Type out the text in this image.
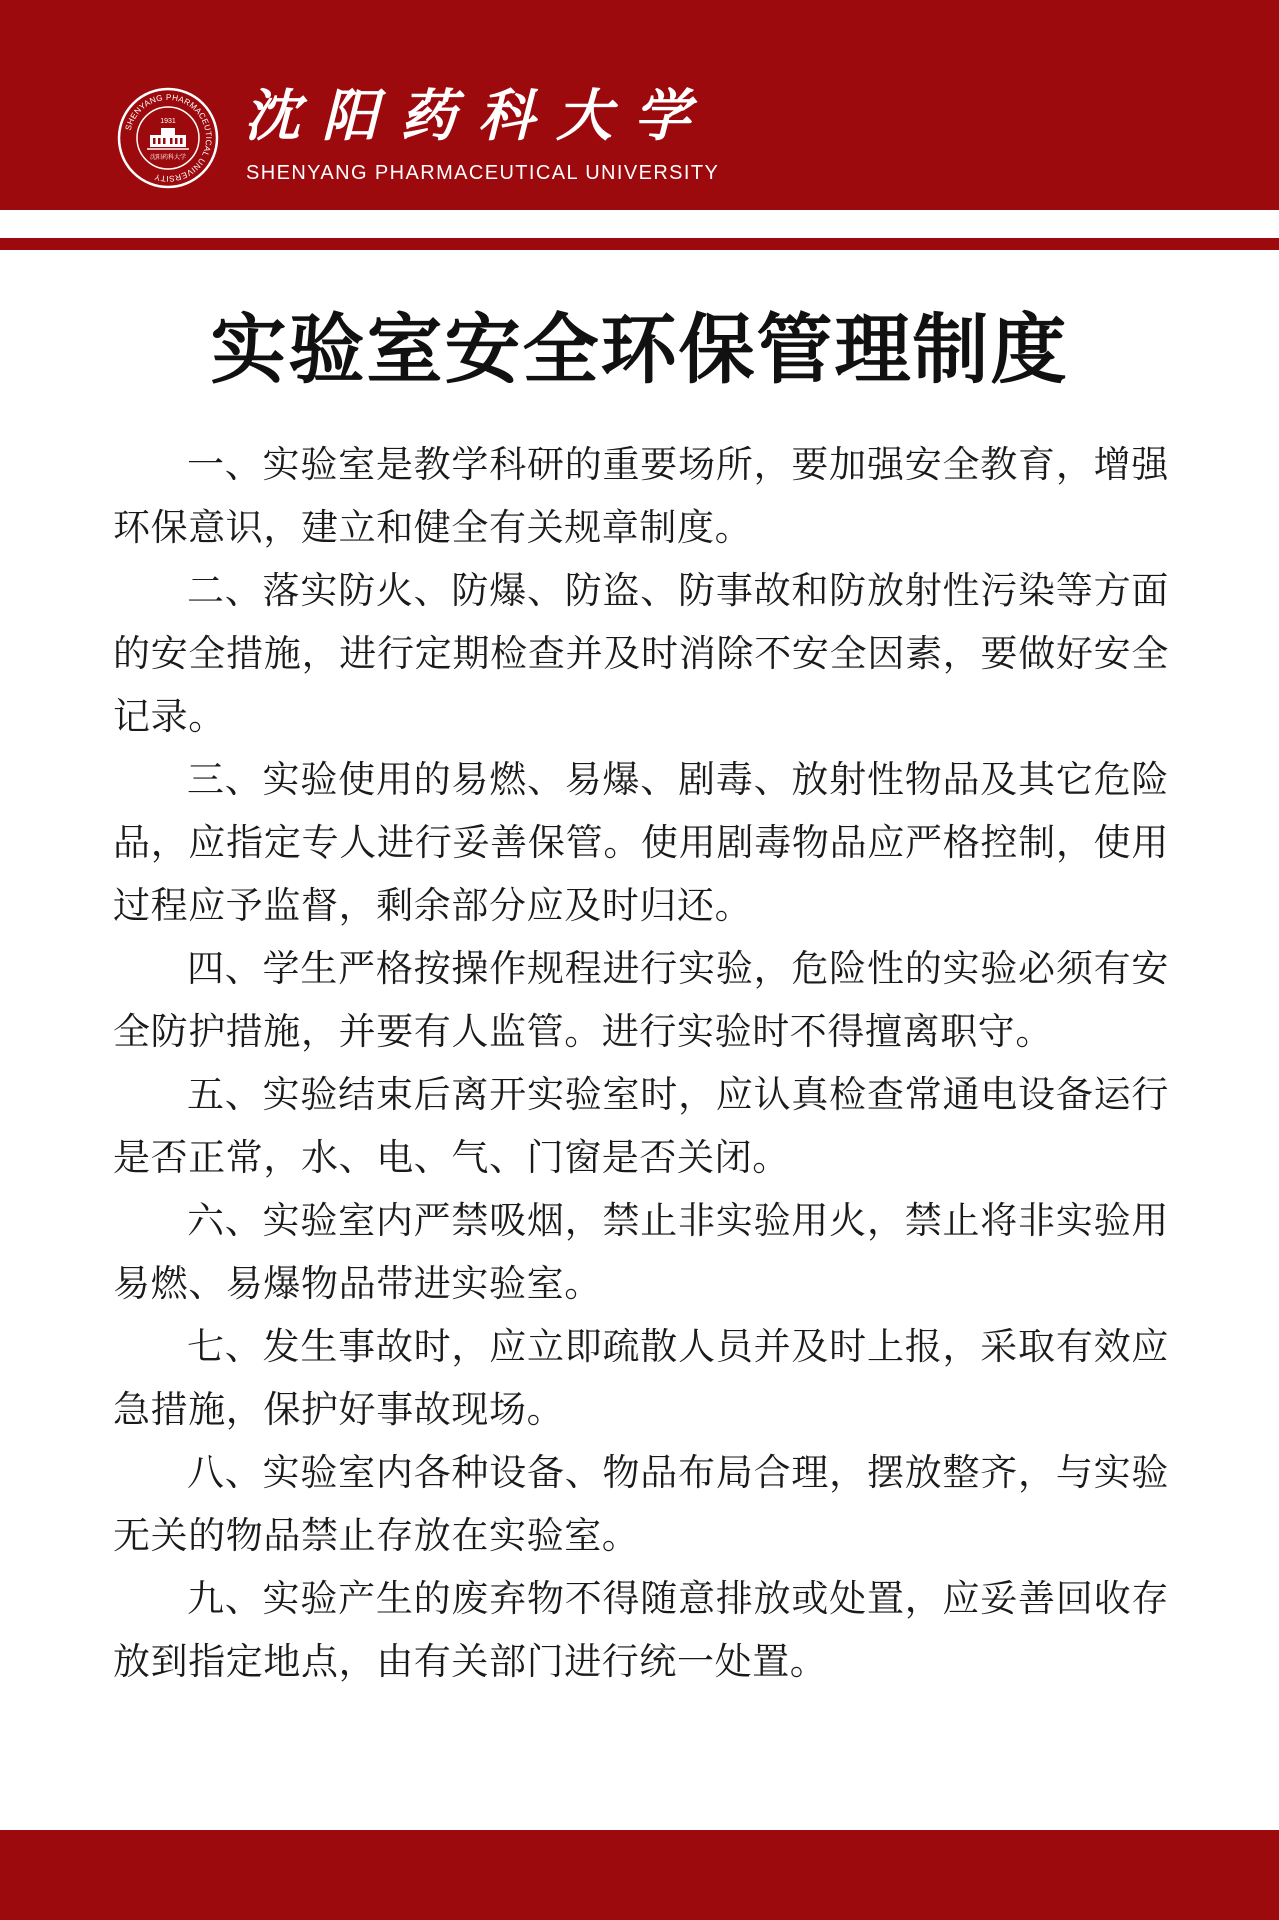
SHENYANG PHARMACEUTICAL UNIVERSITY
1931
沈阳药科大学
沈阳药科大学
SHENYANG PHARMACEUTICAL UNIVERSITY
实验室安全环保管理制度

一、实验室是教学科研的重要场所，要加强安全教育，增强环保意识，建立和健全有关规章制度。

二、落实防火、防爆、防盗、防事故和防放射性污染等方面的安全措施，进行定期检查并及时消除不安全因素，要做好安全记录。

三、实验使用的易燃、易爆、剧毒、放射性物品及其它危险品，应指定专人进行妥善保管。使用剧毒物品应严格控制，使用过程应予监督，剩余部分应及时归还。

四、学生严格按操作规程进行实验，危险性的实验必须有安全防护措施，并要有人监管。进行实验时不得擅离职守。

五、实验结束后离开实验室时，应认真检查常通电设备运行是否正常，水、电、气、门窗是否关闭。

六、实验室内严禁吸烟，禁止非实验用火，禁止将非实验用易燃、易爆物品带进实验室。

七、发生事故时，应立即疏散人员并及时上报，采取有效应急措施，保护好事故现场。

八、实验室内各种设备、物品布局合理，摆放整齐，与实验无关的物品禁止存放在实验室。

九、实验产生的废弃物不得随意排放或处置，应妥善回收存放到指定地点，由有关部门进行统一处置。
